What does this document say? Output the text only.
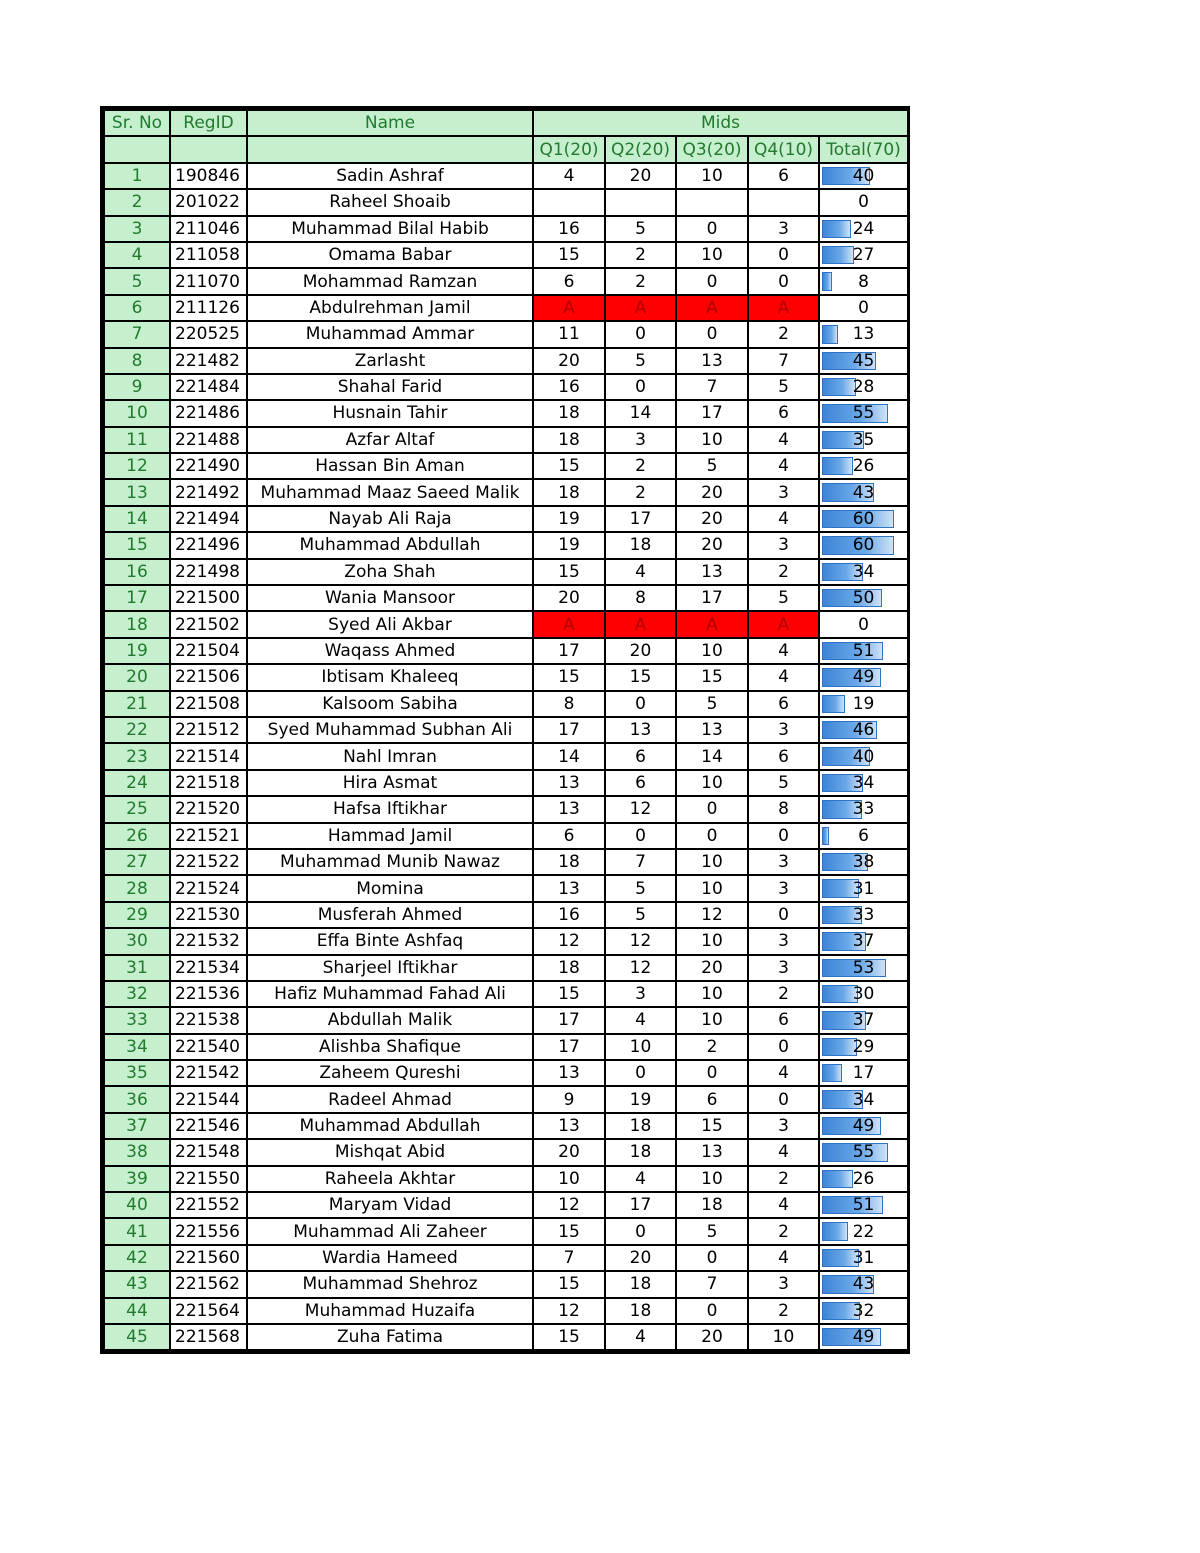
Sr. No	RegID	Name	Mids				
			Q1(20)	Q2(20)	Q3(20)	Q4(10)	Total(70)
1	190846	Sadin Ashraf	4	20	10	6	40
2	201022	Raheel Shoaib					0
3	211046	Muhammad Bilal Habib	16	5	0	3	24
4	211058	Omama Babar	15	2	10	0	27
5	211070	Mohammad Ramzan	6	2	0	0	8
6	211126	Abdulrehman Jamil	A	A	A	A	0
7	220525	Muhammad Ammar	11	0	0	2	13
8	221482	Zarlasht	20	5	13	7	45
9	221484	Shahal Farid	16	0	7	5	28
10	221486	Husnain Tahir	18	14	17	6	55
11	221488	Azfar Altaf	18	3	10	4	35
12	221490	Hassan Bin Aman	15	2	5	4	26
13	221492	Muhammad Maaz Saeed Malik	18	2	20	3	43
14	221494	Nayab Ali Raja	19	17	20	4	60
15	221496	Muhammad Abdullah	19	18	20	3	60
16	221498	Zoha Shah	15	4	13	2	34
17	221500	Wania Mansoor	20	8	17	5	50
18	221502	Syed Ali Akbar	A	A	A	A	0
19	221504	Waqass Ahmed	17	20	10	4	51
20	221506	Ibtisam Khaleeq	15	15	15	4	49
21	221508	Kalsoom Sabiha	8	0	5	6	19
22	221512	Syed Muhammad Subhan Ali	17	13	13	3	46
23	221514	Nahl Imran	14	6	14	6	40
24	221518	Hira Asmat	13	6	10	5	34
25	221520	Hafsa Iftikhar	13	12	0	8	33
26	221521	Hammad Jamil	6	0	0	0	6
27	221522	Muhammad Munib Nawaz	18	7	10	3	38
28	221524	Momina	13	5	10	3	31
29	221530	Musferah Ahmed	16	5	12	0	33
30	221532	Effa Binte Ashfaq	12	12	10	3	37
31	221534	Sharjeel Iftikhar	18	12	20	3	53
32	221536	Hafiz Muhammad Fahad Ali	15	3	10	2	30
33	221538	Abdullah Malik	17	4	10	6	37
34	221540	Alishba Shafique	17	10	2	0	29
35	221542	Zaheem Qureshi	13	0	0	4	17
36	221544	Radeel Ahmad	9	19	6	0	34
37	221546	Muhammad Abdullah	13	18	15	3	49
38	221548	Mishqat Abid	20	18	13	4	55
39	221550	Raheela Akhtar	10	4	10	2	26
40	221552	Maryam Vidad	12	17	18	4	51
41	221556	Muhammad Ali Zaheer	15	0	5	2	22
42	221560	Wardia Hameed	7	20	0	4	31
43	221562	Muhammad Shehroz	15	18	7	3	43
44	221564	Muhammad Huzaifa	12	18	0	2	32
45	221568	Zuha Fatima	15	4	20	10	49
